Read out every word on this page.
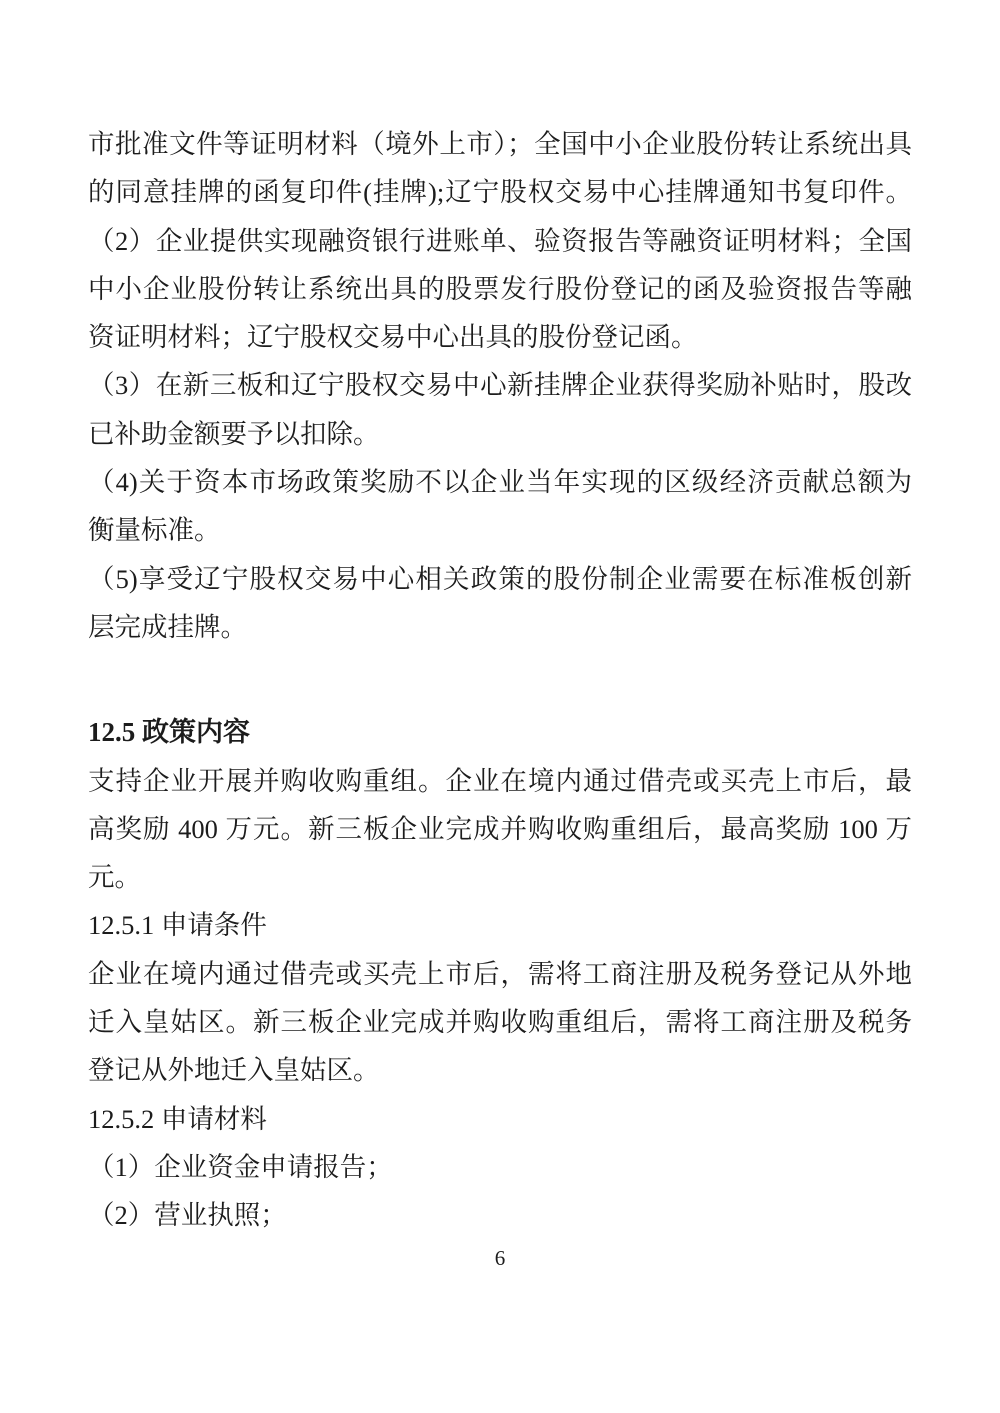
市批准文件等证明材料（境外上市）；全国中小企业股份转让系统出具
的同意挂牌的函复印件(挂牌);辽宁股权交易中心挂牌通知书复印件。
（2）企业提供实现融资银行进账单、验资报告等融资证明材料；全国
中小企业股份转让系统出具的股票发行股份登记的函及验资报告等融
资证明材料；辽宁股权交易中心出具的股份登记函。
（3）在新三板和辽宁股权交易中心新挂牌企业获得奖励补贴时，股改
已补助金额要予以扣除。
（4)关于资本市场政策奖励不以企业当年实现的区级经济贡献总额为
衡量标准。
（5)享受辽宁股权交易中心相关政策的股份制企业需要在标准板创新
层完成挂牌。
12.5 政策内容
支持企业开展并购收购重组。企业在境内通过借壳或买壳上市后，最
高奖励 400 万元。新三板企业完成并购收购重组后，最高奖励 100 万
元。
12.5.1 申请条件
企业在境内通过借壳或买壳上市后，需将工商注册及税务登记从外地
迁入皇姑区。新三板企业完成并购收购重组后，需将工商注册及税务
登记从外地迁入皇姑区。
12.5.2 申请材料
（1）企业资金申请报告；
（2）营业执照；
6
